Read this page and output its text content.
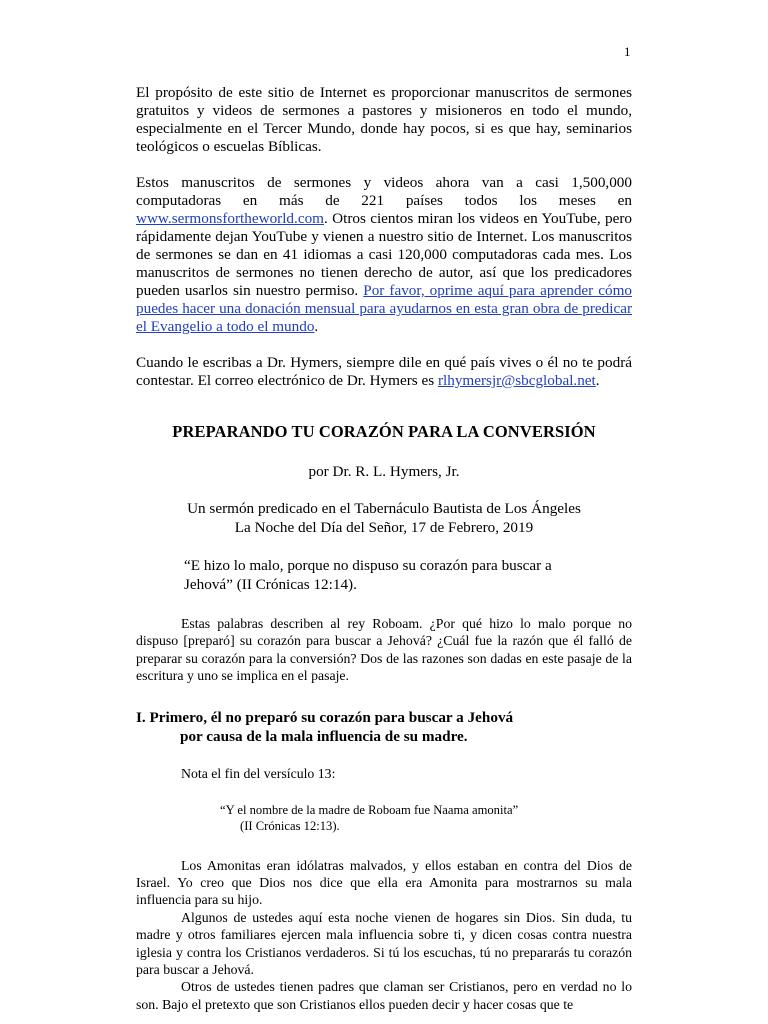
1

El propósito de este sitio de Internet es proporcionar manuscritos de sermones gratuitos y videos de sermones a pastores y misioneros en todo el mundo, especialmente en el Tercer Mundo, donde hay pocos, si es que hay, seminarios teológicos o escuelas Bíblicas.

Estos manuscritos de sermones y videos ahora van a casi 1,500,000 computadoras en más de 221 países todos los meses en www.sermonsfortheworld.com. Otros cientos miran los videos en YouTube, pero rápidamente dejan YouTube y vienen a nuestro sitio de Internet. Los manuscritos de sermones se dan en 41 idiomas a casi 120,000 computadoras cada mes. Los manuscritos de sermones no tienen derecho de autor, así que los predicadores pueden usarlos sin nuestro permiso. Por favor, oprime aquí para aprender cómo puedes hacer una donación mensual para ayudarnos en esta gran obra de predicar el Evangelio a todo el mundo.

Cuando le escribas a Dr. Hymers, siempre dile en qué país vives o él no te podrá contestar. El correo electrónico de Dr. Hymers es rlhymersjr@sbcglobal.net.

PREPARANDO TU CORAZÓN PARA LA CONVERSIÓN

por Dr. R. L. Hymers, Jr.

Un sermón predicado en el Tabernáculo Bautista de Los Ángeles
La Noche del Día del Señor, 17 de Febrero, 2019

“E hizo lo malo, porque no dispuso su corazón para buscar a Jehová” (II Crónicas 12:14).

Estas palabras describen al rey Roboam. ¿Por qué hizo lo malo porque no dispuso [preparó] su corazón para buscar a Jehová? ¿Cuál fue la razón que él falló de preparar su corazón para la conversión? Dos de las razones son dadas en este pasaje de la escritura y uno se implica en el pasaje.

I. Primero, él no preparó su corazón para buscar a Jehová
por causa de la mala influencia de su madre.

Nota el fin del versículo 13:

“Y el nombre de la madre de Roboam fue Naama amonita”
(II Crónicas 12:13).

Los Amonitas eran idólatras malvados, y ellos estaban en contra del Dios de Israel. Yo creo que Dios nos dice que ella era Amonita para mostrarnos su mala influencia para su hijo.

Algunos de ustedes aquí esta noche vienen de hogares sin Dios. Sin duda, tu madre y otros familiares ejercen mala influencia sobre ti, y dicen cosas contra nuestra iglesia y contra los Cristianos verdaderos. Si tú los escuchas, tú no prepararás tu corazón para buscar a Jehová.

Otros de ustedes tienen padres que claman ser Cristianos, pero en verdad no lo son. Bajo el pretexto que son Cristianos ellos pueden decir y hacer cosas que te
